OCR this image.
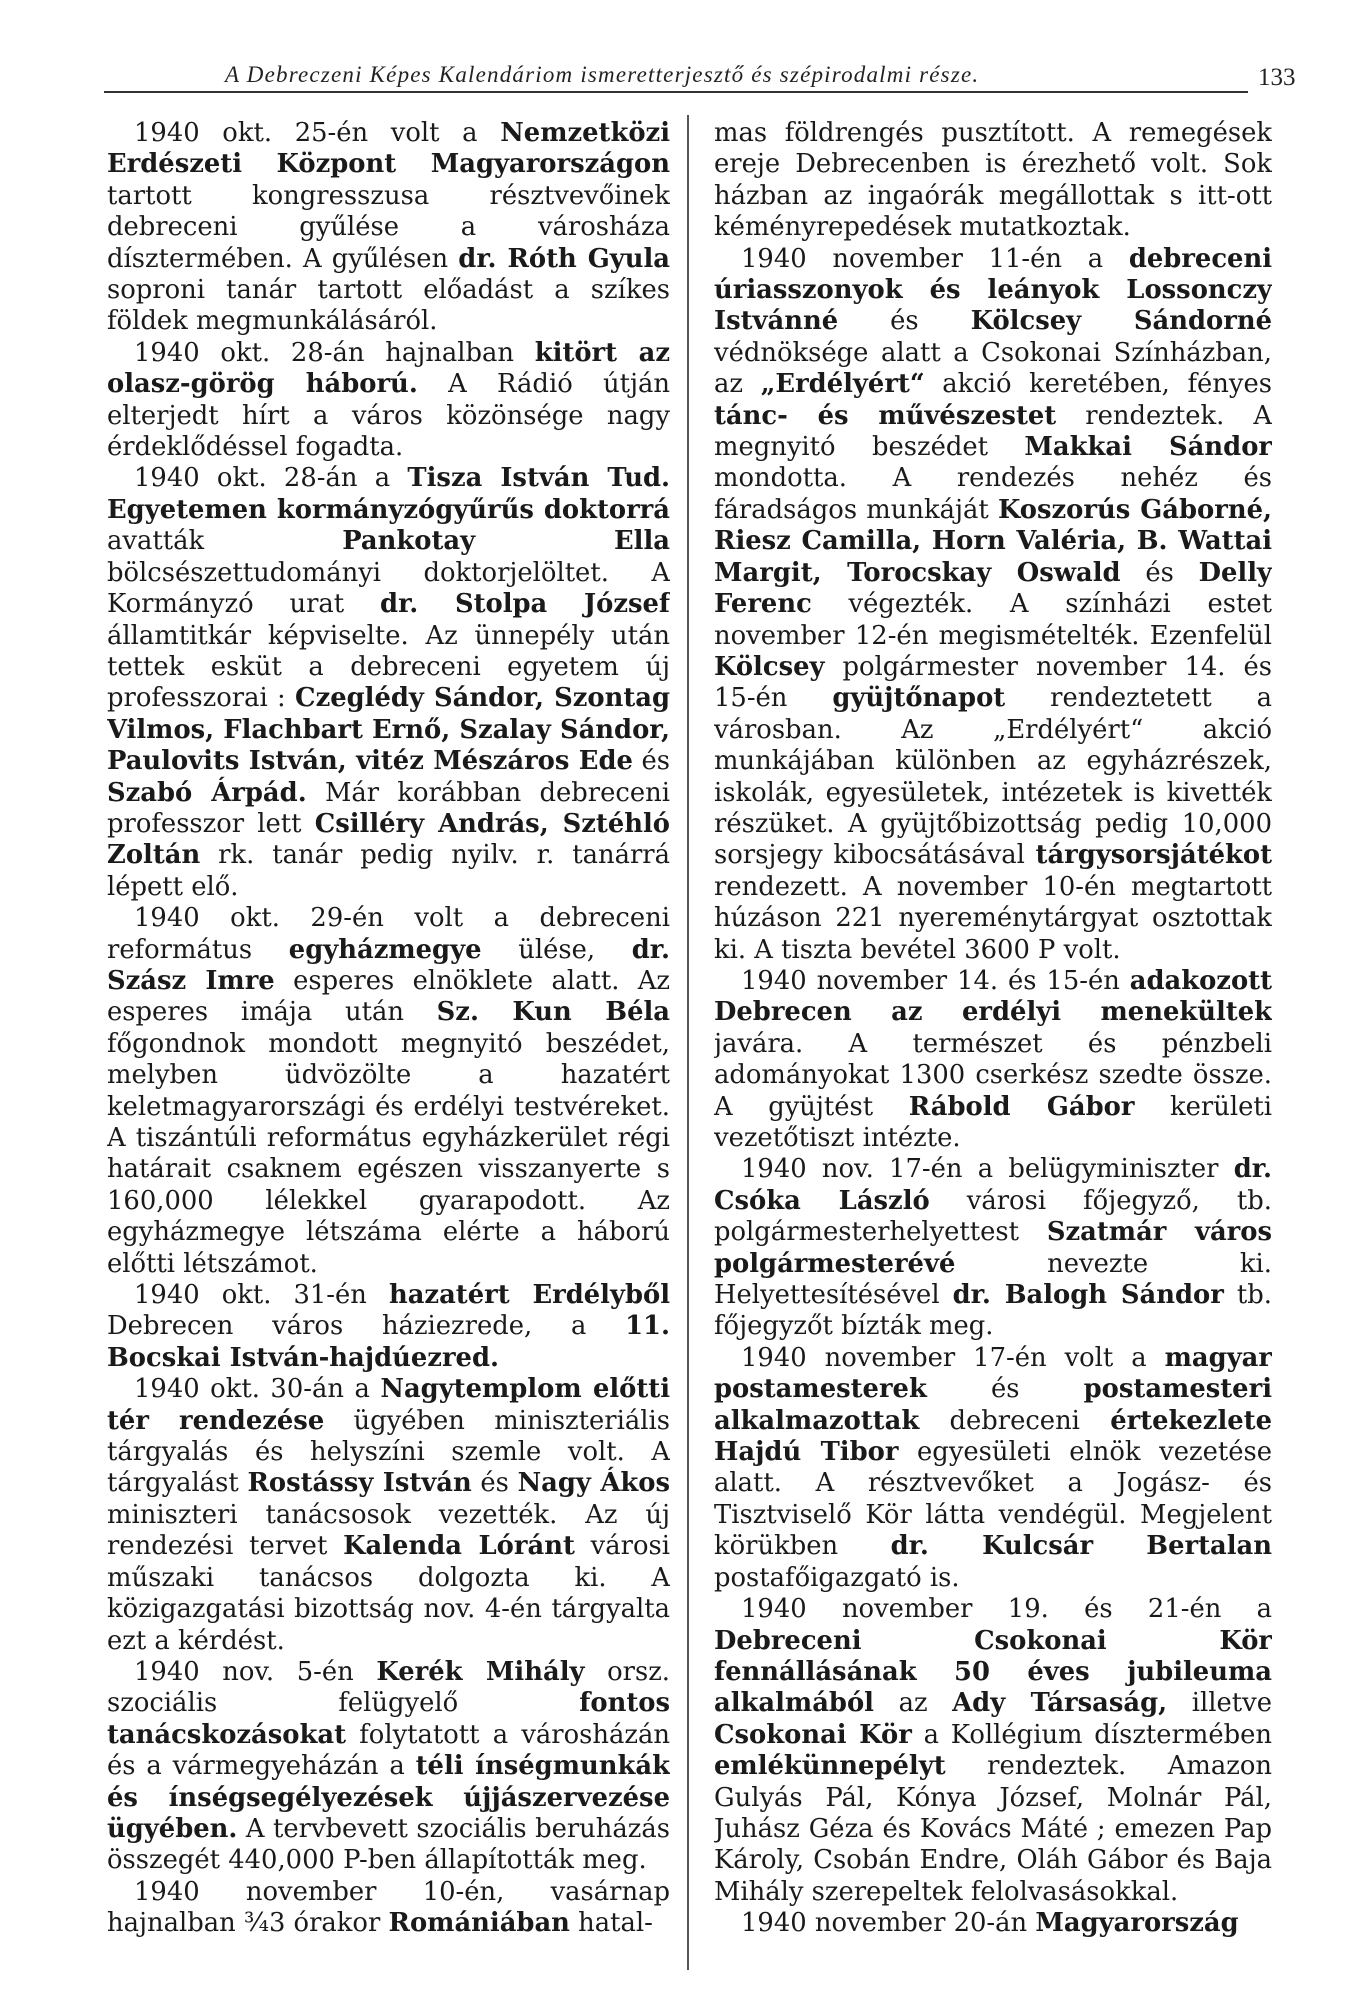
A Debreczeni Képes Kalendáriom ismeretterjesztő és szépirodalmi része.	133

1940 okt. 25-én volt a Nemzetközi Erdészeti Központ Magyarországon tartott kongresszusa résztvevőinek debreceni gyűlése a városháza dísztermében. A gyűlésen dr. Róth Gyula soproni tanár tartott előadást a szíkes földek megmunkálásáról.

1940 okt. 28-án hajnalban kitört az olasz-görög háború. A Rádió útján elterjedt hírt a város közönsége nagy érdeklődéssel fogadta.

1940 okt. 28-án a Tisza István Tud. Egyetemen kormányzógyűrűs doktorrá avatták Pankotay Ella bölcsészettudományi doktorjelöltet. A Kormányzó urat dr. Stolpa József államtitkár képviselte. Az ünnepély után tettek esküt a debreceni egyetem új professzorai : Czeglédy Sándor, Szontag Vilmos, Flachbart Ernő, Szalay Sándor, Paulovits István, vitéz Mészáros Ede és Szabó Árpád. Már korábban debreceni professzor lett Csilléry András, Sztéhló Zoltán rk. tanár pedig nyilv. r. tanárrá lépett elő.

1940 okt. 29-én volt a debreceni református egyházmegye ülése, dr. Szász Imre esperes elnöklete alatt. Az esperes imája után Sz. Kun Béla főgondnok mondott megnyitó beszédet, melyben üdvözölte a hazatért keletmagyarországi és erdélyi testvéreket. A tiszántúli református egyházkerület régi határait csaknem egészen visszanyerte s 160,000 lélekkel gyarapodott. Az egyházmegye létszáma elérte a háború előtti létszámot.

1940 okt. 31-én hazatért Erdélyből Debrecen város háziezrede, a 11. Bocskai István-hajdúezred.

1940 okt. 30-án a Nagytemplom előtti tér rendezése ügyében miniszteriális tárgyalás és helyszíni szemle volt. A tárgyalást Rostássy István és Nagy Ákos miniszteri tanácsosok vezették. Az új rendezési tervet Kalenda Lóránt városi műszaki tanácsos dolgozta ki. A közigazgatási bizottság nov. 4-én tárgyalta ezt a kérdést.

1940 nov. 5-én Kerék Mihály orsz. szociális felügyelő fontos tanácskozásokat folytatott a városházán és a vármegyeházán a téli ínségmunkák és ínségsegélyezések újjászervezése ügyében. A tervbevett szociális beruházás összegét 440,000 P-ben állapították meg.

1940 november 10-én, vasárnap hajnalban ¾3 órakor Romániában hatal-

mas földrengés pusztított. A remegések ereje Debrecenben is érezhető volt. Sok házban az ingaórák megállottak s itt-ott kéményrepedések mutatkoztak.

1940 november 11-én a debreceni úriasszonyok és leányok Lossonczy Istvánné és Kölcsey Sándorné védnöksége alatt a Csokonai Színházban, az „Erdélyért“ akció keretében, fényes tánc- és művészestet rendeztek. A megnyitó beszédet Makkai Sándor mondotta. A rendezés nehéz és fáradságos munkáját Koszorús Gáborné, Riesz Camilla, Horn Valéria, B. Wattai Margit, Torocskay Oswald és Delly Ferenc végezték. A színházi estet november 12-én megismételték. Ezenfelül Kölcsey polgármester november 14. és 15-én gyüjtőnapot rendeztetett a városban. Az „Erdélyért“ akció munkájában különben az egyházrészek, iskolák, egyesületek, intézetek is kivették részüket. A gyüjtőbizottság pedig 10,000 sorsjegy kibocsátásával tárgysorsjátékot rendezett. A november 10-én megtartott húzáson 221 nyereménytárgyat osztottak ki. A tiszta bevétel 3600 P volt.

1940 november 14. és 15-én adakozott Debrecen az erdélyi menekültek javára. A természet és pénzbeli adományokat 1300 cserkész szedte össze. A gyüjtést Rábold Gábor kerületi vezetőtiszt intézte.

1940 nov. 17-én a belügyminiszter dr. Csóka László városi főjegyző, tb. polgármesterhelyettest Szatmár város polgármesterévé nevezte ki. Helyettesítésével dr. Balogh Sándor tb. főjegyzőt bízták meg.

1940 november 17-én volt a magyar postamesterek és postamesteri alkalmazottak debreceni értekezlete Hajdú Tibor egyesületi elnök vezetése alatt. A résztvevőket a Jogász- és Tisztviselő Kör látta vendégül. Megjelent körükben dr. Kulcsár Bertalan postafőigazgató is.

1940 november 19. és 21-én a Debreceni Csokonai Kör fennállásának 50 éves jubileuma alkalmából az Ady Társaság, illetve Csokonai Kör a Kollégium dísztermében emlékünnepélyt rendeztek. Amazon Gulyás Pál, Kónya József, Molnár Pál, Juhász Géza és Kovács Máté ; emezen Pap Károly, Csobán Endre, Oláh Gábor és Baja Mihály szerepeltek felolvasásokkal.

1940 november 20-án Magyarország
